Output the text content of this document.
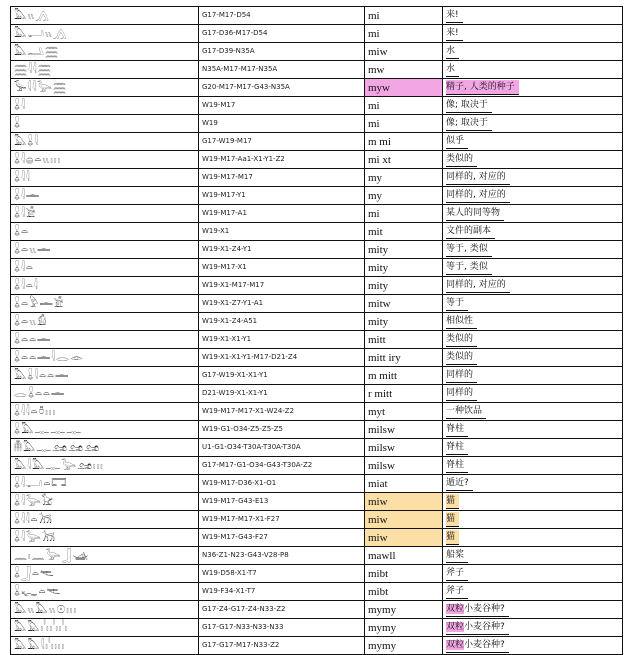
𓅓𓏭𓂻	G17-M17-D54	mi	来!
𓅓𓂝𓏭𓂻	G17-D36-M17-D54	mi	来!
𓅓𓂢𓈗	G17-D39-N35A	miw	水
𓈗𓇋𓇋𓈗	N35A-M17-M17-N35A	mw	水
𓅚𓇋𓇋𓅬𓈗	G20-M17-M17-G43-N35A	myw	精子, 人类的种子
𓏇𓇋	W19-M17	mi	像; 取决于
𓏇	W19	mi	像; 取决于
𓅓𓏇𓇋	G17-W19-M17	m mi	似乎
𓏇𓇋𓐍𓏏𓏭𓏥	W19-M17-Aa1-X1-Y1-Z2	mi xt	类似的
𓏇𓇋𓇋	W19-M17-M17	my	同样的, 对应的
𓏇𓇋𓏛	W19-M17-Y1	my	同样的, 对应的
𓏇𓇋𓀀	W19-M17-A1	mi	某人的同等物
𓏇𓏏	W19-X1	mit	文件的副本
𓏇𓏏𓏭𓏛	W19-X1-Z4-Y1	mity	等于, 类似
𓏇𓇋𓏏	W19-M17-X1	mity	等于, 类似
𓏇𓇋𓏏𓇋	W19-X1-M17-M17	mity	同样的, 对应的
𓏇𓏏𓅱𓏛𓀀	W19-X1-Z7-Y1-A1	mitw	等于
𓏇𓏏𓏭𓀁	W19-X1-Z4-A51	mity	相似性
𓏇𓏏𓏏𓏛	W19-X1-X1-Y1	mitt	类似的
𓏇𓏏𓏏𓏛𓇋𓂋𓁹	W19-X1-X1-Y1-M17-D21-Z4	mitt iry	类似的
𓅓𓏇𓇋𓏏𓏏𓏛	G17-W19-X1-X1-Y1	m mitt	同样的
𓂋𓏇𓏏𓏏𓏛	D21-W19-X1-X1-Y1	r mitt	同样的
𓏇𓇋𓇋𓏏𓏊𓏥	W19-M17-M17-X1-W24-Z2	myt	一种饮品
𓏇𓅓𓊃𓊃𓊃	W19-G1-O34-Z5-Z5-Z5	milsw	脊柱
𓄟𓅓𓊃𓃭𓃭𓃭	U1-G1-O34-T30A-T30A-T30A	milsw	脊柱
𓅓𓇋𓅓𓊃𓅬𓃭𓏥	G17-M17-G1-O34-G43-T30A-Z2	milsw	脊柱
𓏇𓇋𓂝𓏏𓉐	W19-M17-D36-X1-O1	miat	遁近?
𓏇𓇋𓅬𓃠	W19-M17-G43-E13	miw	猫
𓏇𓇋𓇋𓏏𓃡	W19-M17-M17-X1-F27	miw	猫
𓏇𓇋𓅬𓃡	W19-M17-G43-F27	miw	猫
𓈖𓏤𓈖𓅬𓃀𓊛	N36-Z1-N23-G43-V28-P8	mawll	船桨
𓏇𓃀𓏏𓌻	W19-D58-X1-T7	mibt	斧子
𓏇𓆑𓏏𓌻	W19-F34-X1-T7	mibt	斧子
𓅓𓏭𓅓𓏭𓇳𓏥	G17-Z4-G17-Z4-N33-Z2	mymy	双粒小麦谷种?
𓅓𓅓𓏨𓏨𓏨	G17-G17-N33-N33-N33	mymy	双粒小麦谷种?
𓅓𓅓𓇋𓏨𓏥	G17-G17-M17-N33-Z2	mymy	双粒小麦谷种?
